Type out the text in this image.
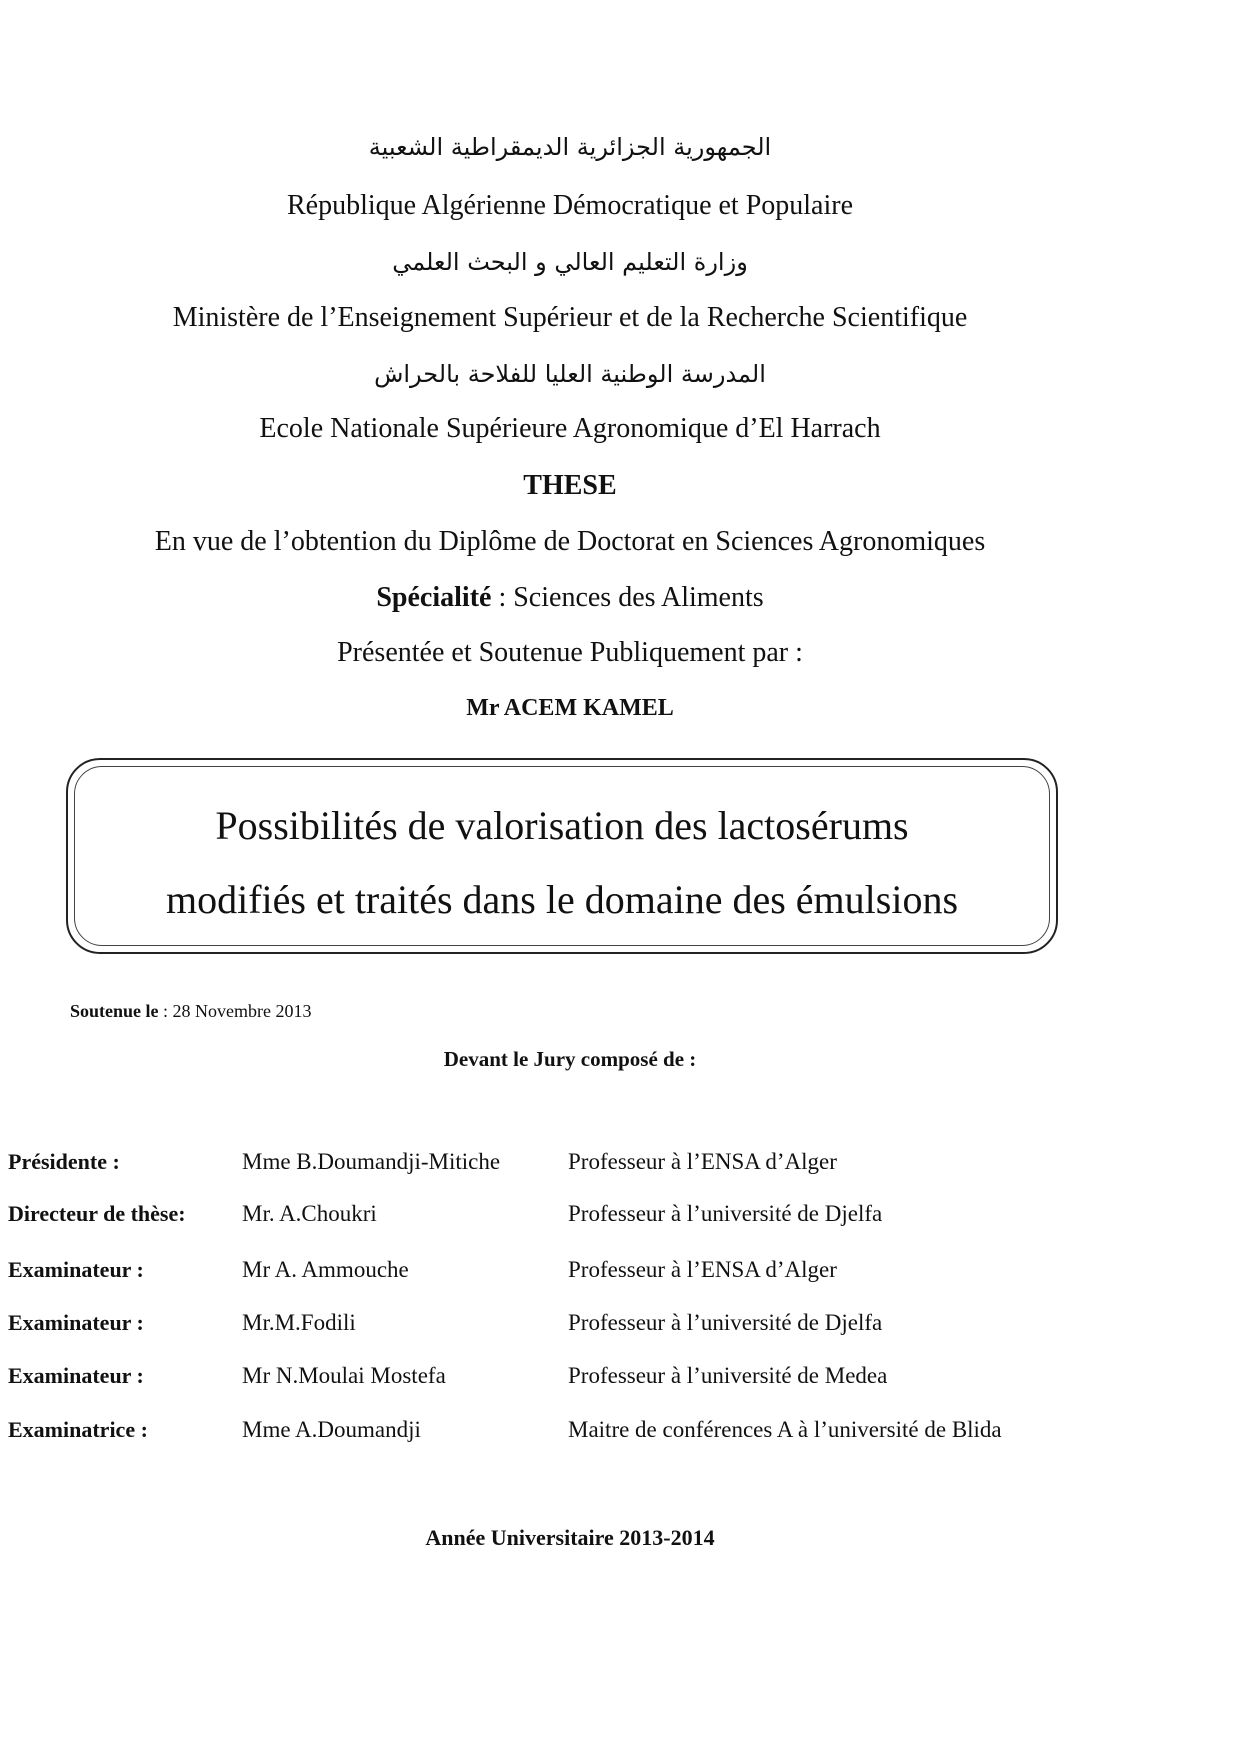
الجمهورية الجزائرية الديمقراطية الشعبية
République Algérienne Démocratique et Populaire
وزارة التعليم العالي و البحث العلمي
Ministère de l’Enseignement Supérieur et de la Recherche Scientifique
المدرسة الوطنية العليا للفلاحة بالحراش
Ecole Nationale Supérieure Agronomique d’El Harrach
THESE
En vue de l’obtention du Diplôme de Doctorat en Sciences Agronomiques
Spécialité : Sciences des Aliments
Présentée et Soutenue Publiquement par :
Mr ACEM KAMEL
Possibilités de valorisation des lactosérums
modifiés et traités dans le domaine des émulsions
Soutenue le : 28 Novembre 2013
Devant le Jury composé de :
Présidente :	Mme B.Doumandji-Mitiche	Professeur à l’ENSA d’Alger
Directeur de thèse: Mr. A.Choukri	Professeur à l’université de Djelfa
Examinateur :	Mr A. Ammouche	Professeur à l’ENSA d’Alger
Examinateur :	Mr.M.Fodili	Professeur à l’université de Djelfa
Examinateur :	Mr N.Moulai Mostefa	Professeur à l’université de Medea
Examinatrice :	Mme A.Doumandji	Maitre de conférences A à l’université de Blida
Année Universitaire 2013-2014
